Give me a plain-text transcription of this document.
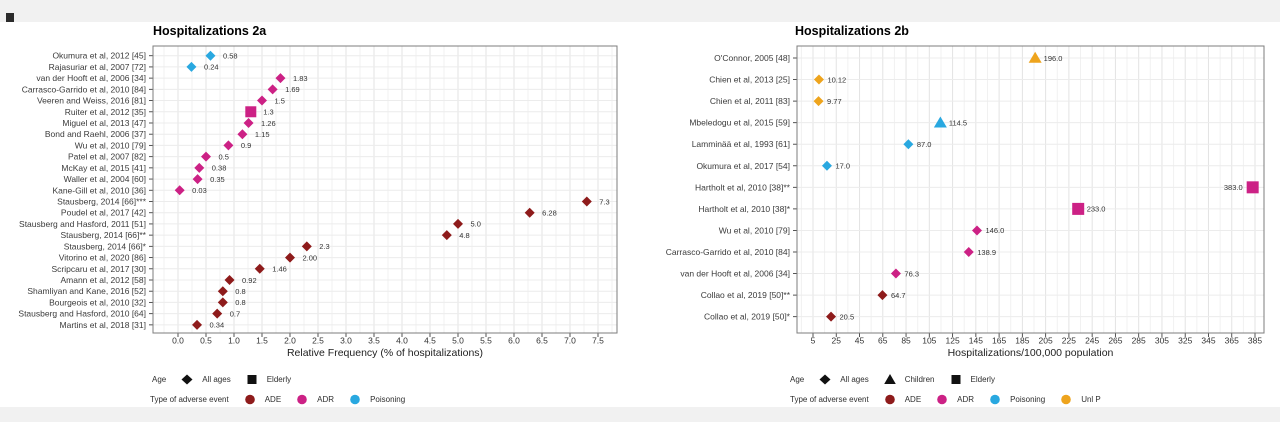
Hospitalizations 2a
0.0 0.5 1.0 1.5 2.0 2.5 3.0 3.5 4.0 4.5 5.0 5.5 6.0 6.5 7.0 7.5
Okumura et al, 2012 [45]
Rajasuriar et al, 2007 [72]
van der Hooft et al, 2006 [34]
Carrasco-Garrido et al, 2010 [84]
Veeren and Weiss, 2016 [81]
Ruiter et al, 2012 [35]
Miguel et al, 2013 [47]
Bond and Raehl, 2006 [37]
Wu et al, 2010 [79]
Patel et al, 2007 [82]
McKay et al, 2015 [41]
Waller et al, 2004 [60]
Kane-Gill et al, 2010 [36]
Stausberg, 2014 [66]***
Poudel et al, 2017 [42]
Stausberg and Hasford, 2011 [51]
Stausberg, 2014 [66]**
Stausberg, 2014 [66]*
Vitorino et al, 2020 [86]
Scripcaru et al, 2017 [30]
Amann et al, 2012 [58]
Shamliyan and Kane, 2016 [52]
Bourgeois et al, 2010 [32]
Stausberg and Hasford, 2010 [64]
Martins et al, 2018 [31]
0.58
0.24
1.83
1.69
1.5
1.3
1.26
1.15
0.9
0.5
0.38
0.35
0.03
7.3
6.28
5.0
4.8
2.3
2.00
1.46
0.92
0.8
0.8
0.7
0.34
Relative Frequency (% of hospitalizations)
Age	All ages	Elderly
Type of adverse event	ADE	ADR	Poisoning
Hospitalizations 2b
5 25 45 65 85 105 125 145 165 185 205 225 245 265 285 305 325 345 365 385
O'Connor, 2005 [48]
Chien et al, 2013 [25]
Chien et al, 2011 [83]
Mbeledogu et al, 2015 [59]
Lamminää et al, 1993 [61]
Okumura et al, 2017 [54]
Hartholt et al, 2010 [38]**
Hartholt et al, 2010 [38]*
Wu et al, 2010 [79]
Carrasco-Garrido et al, 2010 [84]
van der Hooft et al, 2006 [34]
Collao et al, 2019 [50]**
Collao et al, 2019 [50]*
196.0
10.12
9.77
114.5
87.0
17.0
383.0
233.0
146.0
138.9
76.3
64.7
20.5
Hospitalizations/100,000 population
Age	All ages	Children	Elderly
Type of adverse event	ADE	ADR	Poisoning	Unl P
